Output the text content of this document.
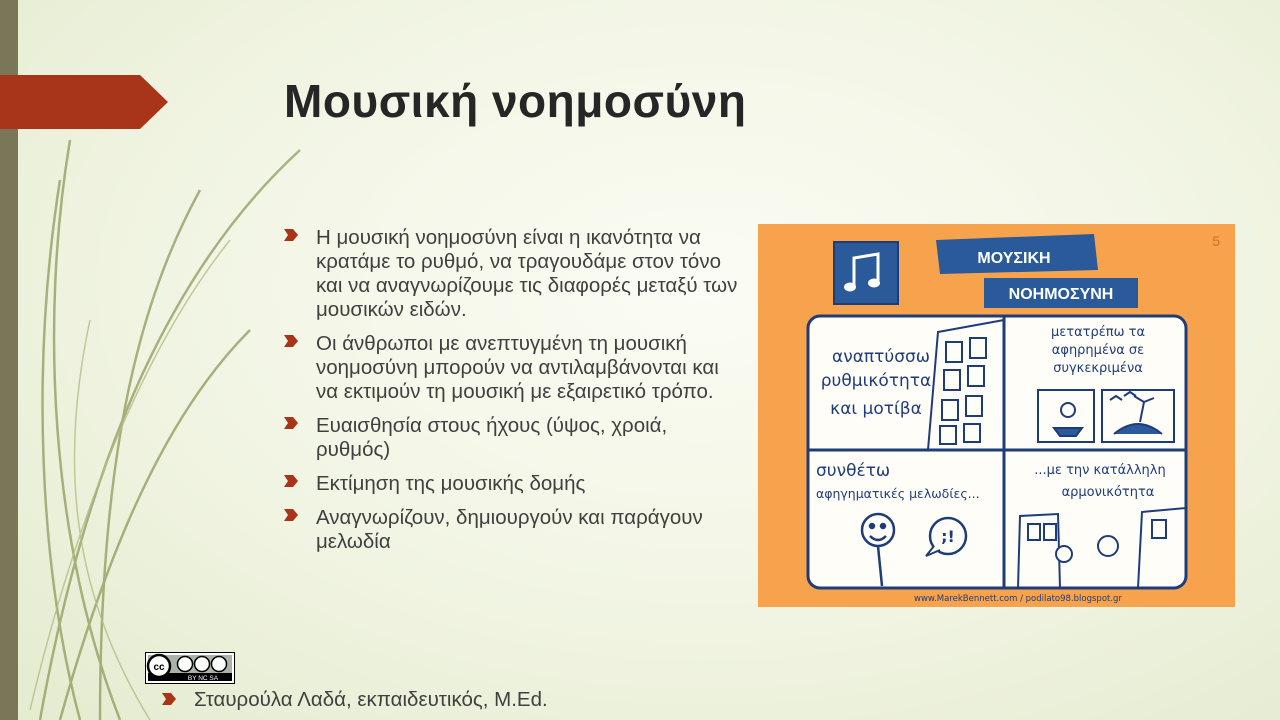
Μουσική νοημοσύνη
Η μουσική νοημοσύνη είναι η ικανότητα να κρατάμε το ρυθμό, να τραγουδάμε στον τόνο και να αναγνωρίζουμε τις διαφορές μεταξύ των μουσικών ειδών.
Οι άνθρωποι με ανεπτυγμένη τη μουσική νοημοσύνη μπορούν να αντιλαμβάνονται και να εκτιμούν τη μουσική με εξαιρετικό τρόπο.
Ευαισθησία στους ήχους (ύψος, χροιά, ρυθμός)
Εκτίμηση της μουσικής δομής
Αναγνωρίζουν, δημιουργούν και παράγουν μελωδία
5
ΜΟΥΣΙΚΗ
ΝΟΗΜΟΣΥΝΗ
αναπτύσσω
ρυθμικότητα
και μοτίβα
μετατρέπω τα
αφηρημένα σε
συγκεκριμένα
συνθέτω
αφηγηματικές μελωδίες...
;!
...με την κατάλληλη
αρμονικότητα
www.MarekBennett.com / podilato98.blogspot.gr
cc
BY NC SA

Σταυρούλα Λαδά, εκπαιδευτικός, M.Ed.
